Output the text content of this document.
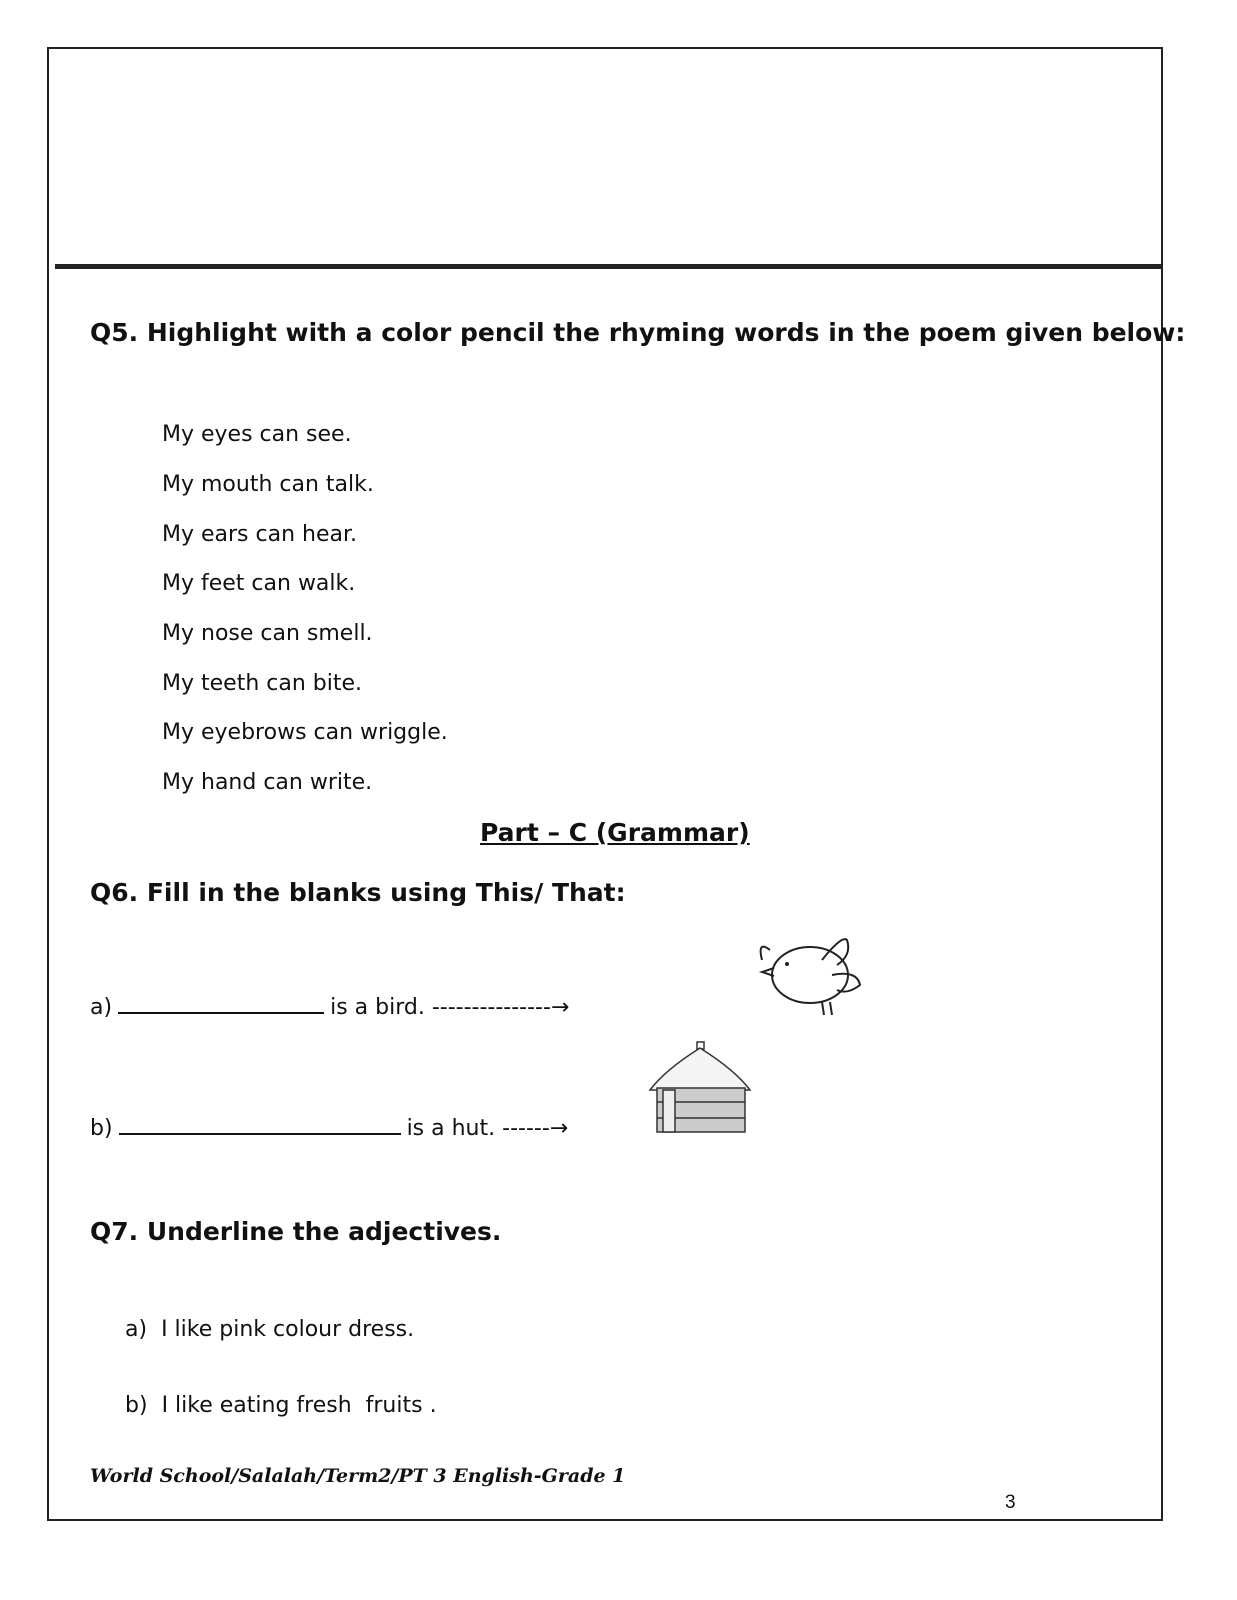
Q5. Highlight with a color pencil the rhyming words in the poem given below:
My eyes can see.
My mouth can talk.
My ears can hear.
My feet can walk.
My nose can smell.
My teeth can bite.
My eyebrows can wriggle.
My hand can write.
Part – C (Grammar)
Q6. Fill in the blanks using This/ That:
a)	is a bird. ---------------→
b)	is a hut. ------→
Q7. Underline the adjectives.
a) I like pink colour dress.
b) I like eating fresh  fruits .
World School/Salalah/Term2/PT 3 English-Grade 1
3
